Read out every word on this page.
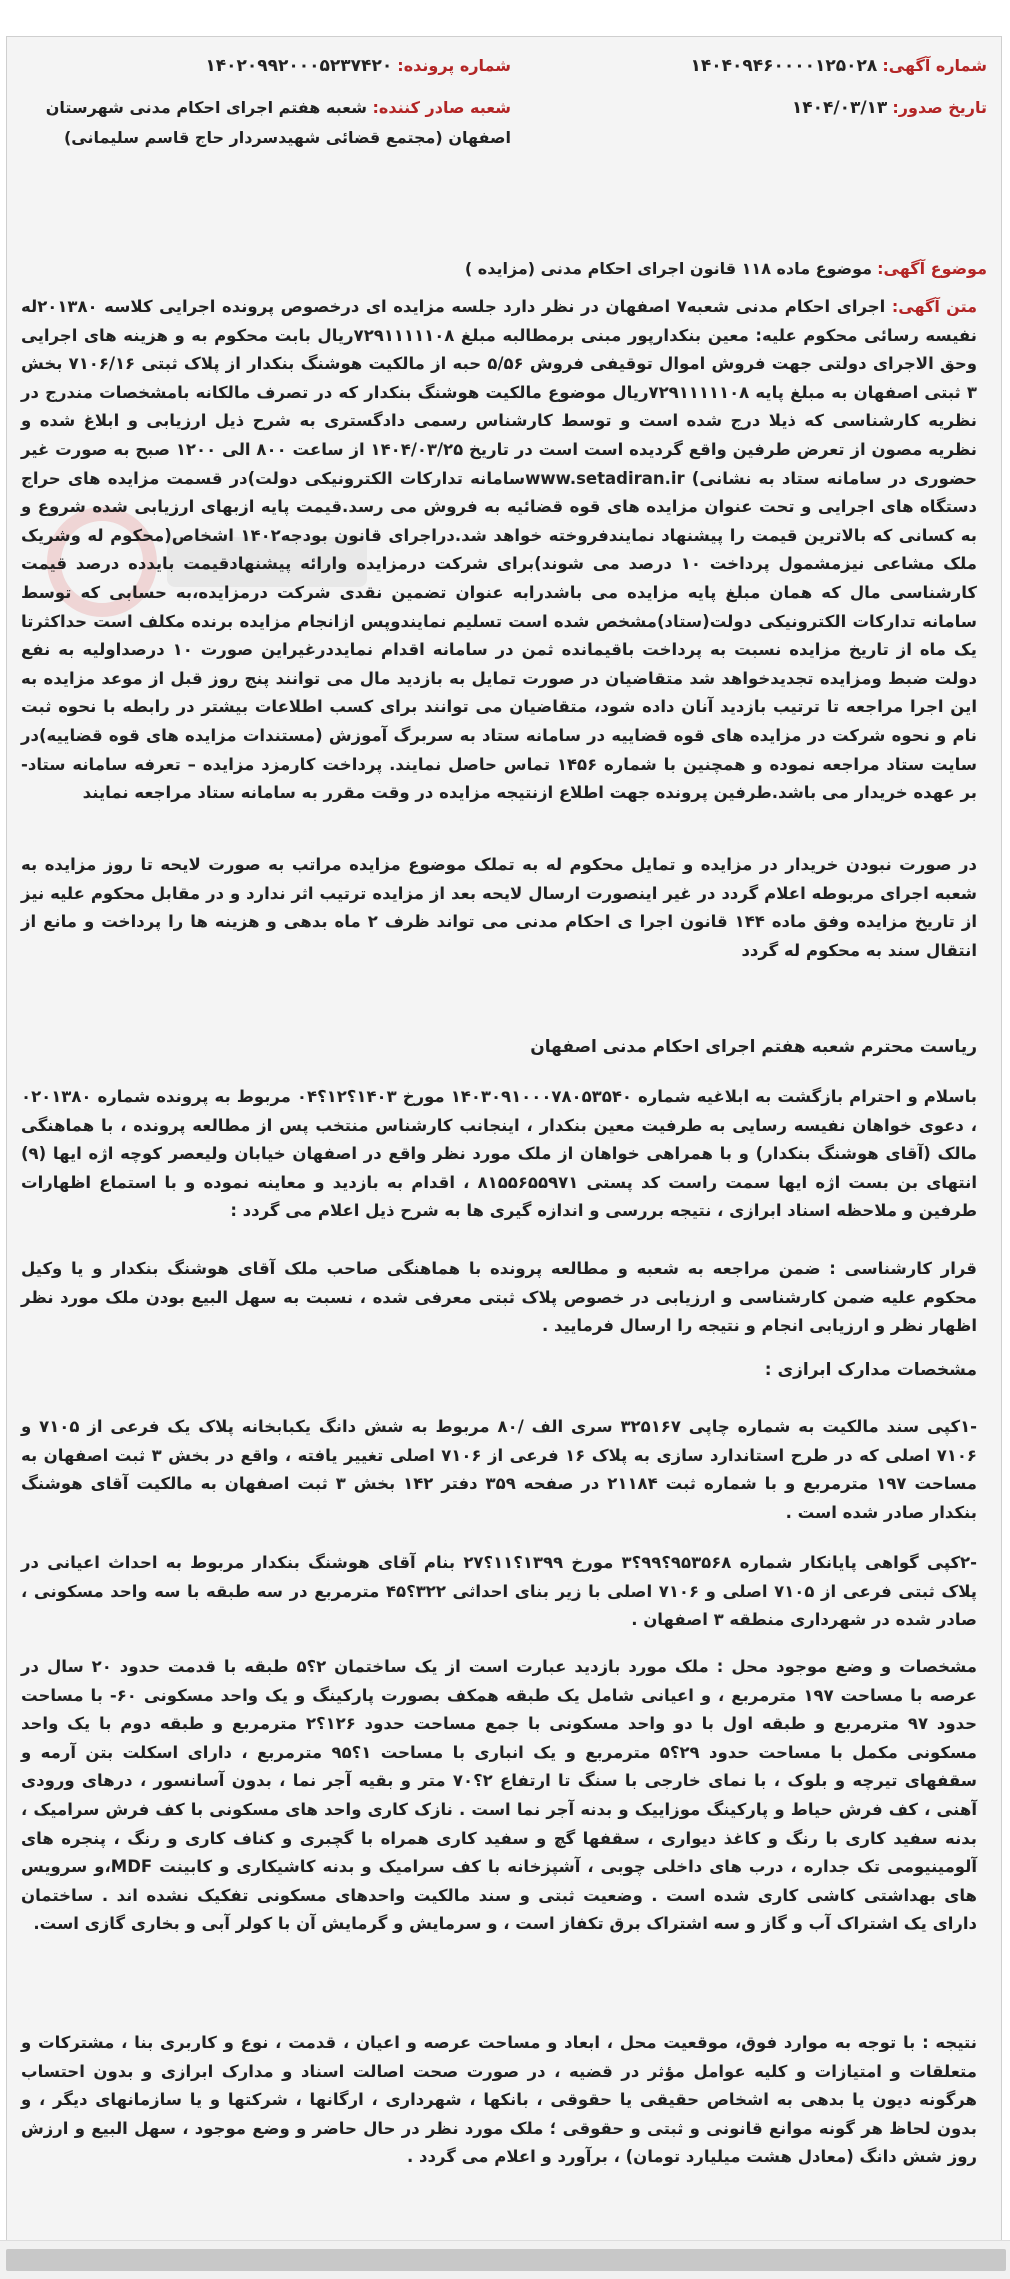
شماره آگهی: ۱۴۰۴۰۹۴۶۰۰۰۰۱۲۵۰۲۸
شماره پرونده: ۱۴۰۲۰۹۹۲۰۰۰۵۲۳۷۴۲۰
تاریخ صدور: ۱۴۰۴/۰۳/۱۳
شعبه صادر کننده: شعبه هفتم اجرای احکام مدنی شهرستان اصفهان (مجتمع قضائی شهیدسردار حاج قاسم سلیمانی)
موضوع آگهی: موضوع ماده ۱۱۸ قانون اجرای احکام مدنی (مزایده )

متن آگهی: اجرای احکام مدنی شعبه۷ اصفهان در نظر دارد جلسه مزایده ای درخصوص پرونده اجرایی کلاسه ۲۰۱۳۸۰له نفیسه رسائی محکوم علیه: معین بنکدارپور مبنی برمطالبه مبلغ ۷۲۹۱۱۱۱۱۰۸ریال بابت محکوم به و هزینه های اجرایی وحق الاجرای دولتی جهت فروش اموال توقیفی فروش ۵/۵۶ حبه از مالکیت هوشنگ بنکدار از پلاک ثبتی ۷۱۰۶/۱۶ بخش ۳ ثبتی اصفهان به مبلغ پایه ۷۲۹۱۱۱۱۱۰۸ریال موضوع مالکیت هوشنگ بنکدار که در تصرف مالکانه بامشخصات مندرج در نظریه کارشناسی که ذیلا درج شده است و توسط کارشناس رسمی دادگستری به شرح ذیل ارزیابی و ابلاغ شده و نظریه مصون از تعرض طرفین واقع گردیده است است در تاریخ ۱۴۰۴/۰۳/۲۵ از ساعت ۸۰۰ الی ۱۲۰۰ صبح به صورت غیر حضوری در سامانه ستاد به نشانی) www.setadiran.irسامانه تدارکات الکترونیکی دولت)در قسمت مزایده های حراج دستگاه های اجرایی و تحت عنوان مزایده های قوه قضائیه به فروش می رسد.قیمت پایه ازبهای ارزیابی شده شروع و به کسانی که بالاترین قیمت را پیشنهاد نمایندفروخته خواهد شد.دراجرای قانون بودجه۱۴۰۲ اشخاص(محکوم له وشریک ملک مشاعی نیزمشمول پرداخت ۱۰ درصد می شوند)برای شرکت درمزایده وارائه پیشنهادقیمت بایدده درصد قیمت کارشناسی مال که همان مبلغ پایه مزایده می باشدرابه عنوان تضمین نقدی شرکت درمزایده،به حسابی که توسط سامانه تدارکات الکترونیکی دولت(ستاد)مشخص شده است تسلیم نمایندوپس ازانجام مزایده برنده مکلف است حداکثرتا یک ماه از تاریخ مزایده نسبت به پرداخت باقیمانده ثمن در سامانه اقدام نمایددرغیراین صورت ۱۰ درصداولیه به نفع دولت ضبط ومزایده تجدیدخواهد شد متقاضیان در صورت تمایل به بازدید مال می توانند پنج روز قبل از موعد مزایده به این اجرا مراجعه تا ترتیب بازدید آنان داده شود، متقاضیان می توانند برای کسب اطلاعات بیشتر در رابطه با نحوه ثبت نام و نحوه شرکت در مزایده های قوه قضاییه در سامانه ستاد به سربرگ آموزش (مستندات مزایده های قوه قضاییه)در سایت ستاد مراجعه نموده و همچنین با شماره ۱۴۵۶ تماس حاصل نمایند. پرداخت کارمزد مزایده – تعرفه سامانه ستاد- بر عهده خریدار می باشد.طرفین پرونده جهت اطلاع ازنتیجه مزایده در وقت مقرر به سامانه ستاد مراجعه نمایند

در صورت نبودن خریدار در مزایده و تمایل محکوم له به تملک موضوع مزایده مراتب به صورت لایحه تا روز مزایده به شعبه اجرای مربوطه اعلام گردد در غیر اینصورت ارسال لایحه بعد از مزایده ترتیب اثر ندارد و در مقابل محکوم علیه نیز از تاریخ مزایده وفق ماده ۱۴۴ قانون اجرا ی احکام مدنی می تواند ظرف ۲ ماه بدهی و هزینه ها را پرداخت و مانع از انتقال سند به محکوم له گردد

ریاست محترم شعبه هفتم اجرای احکام مدنی اصفهان
باسلام و احترام بازگشت به ابلاغیه شماره ۱۴۰۳۰۹۱۰۰۰۷۸۰۵۳۵۴۰ مورخ ۱۴۰۳؟۱۲؟۰۴ مربوط به پرونده شماره ۰۲۰۱۳۸۰ ، دعوی خواهان نفیسه رسایی به طرفیت معین بنکدار ، اینجانب کارشناس منتخب پس از مطالعه پرونده ، با هماهنگی مالک (آقای هوشنگ بنکدار) و با همراهی خواهان از ملک مورد نظر واقع در اصفهان خیابان ولیعصر کوچه اژه ایها (۹) انتهای بن بست اژه ایها سمت راست کد پستی ۸۱۵۵۶۵۵۹۷۱ ، اقدام به بازدید و معاینه نموده و با استماع اظهارات طرفین و ملاحظه اسناد ابرازی ، نتیجه بررسی و اندازه گیری ها به شرح ذیل اعلام می گردد :
قرار کارشناسی : ضمن مراجعه به شعبه و مطالعه پرونده با هماهنگی صاحب ملک آقای هوشنگ بنکدار و یا وکیل محکوم علیه ضمن کارشناسی و ارزیابی در خصوص پلاک ثبتی معرفی شده ، نسبت به سهل البیع بودن ملک مورد نظر اظهار نظر و ارزیابی انجام و نتیجه را ارسال فرمایید .
مشخصات مدارک ابرازی :
-۱کپی سند مالکیت به شماره چاپی ۳۲۵۱۶۷ سری الف /۸۰ مربوط به شش دانگ یکبابخانه پلاک یک فرعی از ۷۱۰۵ و ۷۱۰۶ اصلی که در طرح استاندارد سازی به پلاک ۱۶ فرعی از ۷۱۰۶ اصلی تغییر یافته ، واقع در بخش ۳ ثبت اصفهان به مساحت ۱۹۷ مترمربع و با شماره ثبت ۲۱۱۸۴ در صفحه ۳۵۹ دفتر ۱۴۲ بخش ۳ ثبت اصفهان به مالکیت آقای هوشنگ بنکدار صادر شده است .
-۲کپی گواهی پایانکار شماره ۹۵۳۵۶۸؟۹۹؟۳ مورخ ۱۳۹۹؟۱۱؟۲۷ بنام آقای هوشنگ بنکدار مربوط به احداث اعیانی در پلاک ثبتی فرعی از ۷۱۰۵ اصلی و ۷۱۰۶ اصلی با زیر بنای احداثی ۳۲۲؟۴۵ مترمربع در سه طبقه با سه واحد مسکونی ، صادر شده در شهرداری منطقه ۳ اصفهان .
مشخصات و وضع موجود محل : ملک مورد بازدید عبارت است از یک ساختمان ۲؟۵ طبقه با قدمت حدود ۲۰ سال در عرصه با مساحت ۱۹۷ مترمربع ، و اعیانی شامل یک طبقه همکف بصورت پارکینگ و یک واحد مسکونی ۶۰- با مساحت حدود ۹۷ مترمربع و طبقه اول با دو واحد مسکونی با جمع مساحت حدود ۱۲۶؟۲ مترمربع و طبقه دوم با یک واحد مسکونی مکمل با مساحت حدود ۲۹؟۵ مترمربع و یک انباری با مساحت ۱؟۹۵ مترمربع ، دارای اسکلت بتن آرمه و سقفهای تیرچه و بلوک ، با نمای خارجی با سنگ تا ارتفاع ۲؟۷۰ متر و بقیه آجر نما ، بدون آسانسور ، درهای ورودی آهنی ، کف فرش حیاط و پارکینگ موزاییک و بدنه آجر نما است . نازک کاری واحد های مسکونی با کف فرش سرامیک ، بدنه سفید کاری با رنگ و کاغذ دیواری ، سقفها گچ و سفید کاری همراه با گچبری و کناف کاری و رنگ ، پنجره های آلومینیومی تک جداره ، درب های داخلی چوبی ، آشپزخانه با کف سرامیک و بدنه کاشیکاری و کابینت MDF،و سرویس های بهداشتی کاشی کاری شده است . وضعیت ثبتی و سند مالکیت واحدهای مسکونی تفکیک نشده اند . ساختمان دارای یک اشتراک آب و گاز و سه اشتراک برق تکفاز است ، و سرمایش و گرمایش آن با کولر آبی و بخاری گازی است.
نتیجه : با توجه به موارد فوق، موقعیت محل ، ابعاد و مساحت عرصه و اعیان ، قدمت ، نوع و کاربری بنا ، مشترکات و متعلقات و امتیازات و کلیه عوامل مؤثر در قضیه ، در صورت صحت اصالت اسناد و مدارک ابرازی و بدون احتساب هرگونه دیون یا بدهی به اشخاص حقیقی یا حقوقی ، بانکها ، شهرداری ، ارگانها ، شرکتها و یا سازمانهای دیگر ، و بدون لحاظ هر گونه موانع قانونی و ثبتی و حقوقی ؛ ملک مورد نظر در حال حاضر و وضع موجود ، سهل البیع و ارزش روز شش دانگ (معادل هشت میلیارد تومان) ، برآورد و اعلام می گردد .
